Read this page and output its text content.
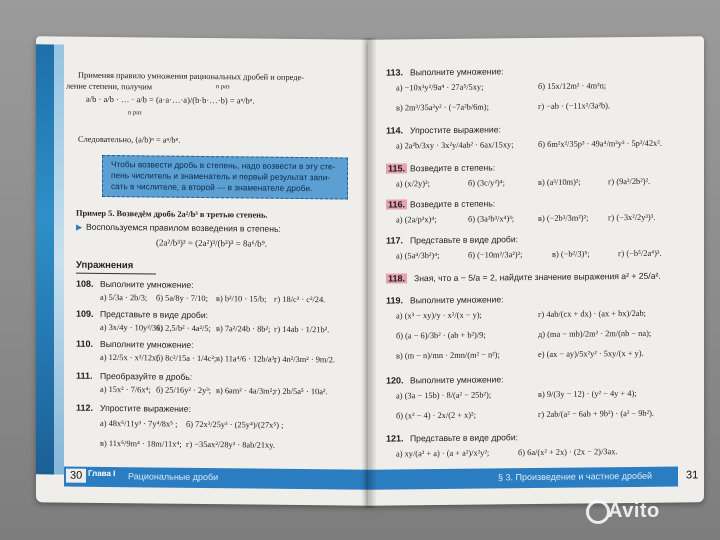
Применяя правило умножения рациональных дробей и опреде-
ление степени, получим	n раз
a/b · a/b · … · a/b = (a·a·…·a)/(b·b·…·b) = aⁿ/bⁿ.
n раз
Следовательно, (a/b)ⁿ = aⁿ/bⁿ.
Чтобы возвести дробь в степень, надо возвести в эту сте-
пень числитель и знаменатель и первый результат запи-
сать в числителе, а второй — в знаменателе дроби.
Пример 5. Возведём дробь 2a²/b³ в третью степень.
▶ Воспользуемся правилом возведения в степень:
(2a²/b³)³ = (2a²)³/(b³)³ = 8a⁶/b⁹.
Упражнения
108. Выполните умножение:
а) 5/3a · 2b/3; б) 5a/8y · 7/10; в) b²/10 · 15/b; г) 18/c³ · c²/24.
109. Представьте в виде дроби:
а) 3x/4y · 10y²/3x;
б) 2,5/b² · 4a²/5; в) 7a²/24b · 8b²; г) 14ab · 1/21b².
110. Выполните умножение:
а) 12/5x · x²/12x;
б) 8c²/15a · 1/4c²; в) 11a⁴/6 · 12b/a³;
г) 4n²/3m² · 9m/2.
111. Преобразуйте в дробь:
а) 15x² · 7/6x⁴; б) 25/16y² · 2y³; в) 6am² · 4a/3m²; г) 2b/5a⁵ · 10a².
112. Упростите выражение:
а) 48x⁵/11y³ · 7y⁴/8x⁵ ; б) 72x³/25y³ · (25y⁴)/(27x⁵) ;
в) 11x⁵/9m⁴ · 18m/11x⁴; г) −35ax²/28y³ · 8ab/21xy.
30 Глава I Рациональные дроби
113. Выполните умножение:
а) −10x³y²/9a⁴ · 27a⁵/5xy;	б) 15x/12m² · 4m²n;
в) 2m³/35a²y² · (−7a²b/6m);	г) −ab · (−11x²/3a²b).
114. Упростите выражение:
а) 2a²b/3xy · 3x²y/4ab² · 6ax/15xy;	б) 6m²x²/35p³ · 49a⁴/m²y³ · 5p³/42x².
115. Возведите в степень:
а) (x/2y)³;	б) (3c/y²)⁴;	в) (a³/10m)²;	г) (9a³/2b²)².
116. Возведите в степень:
а) (2a/p²x)⁴;	б) (3a²b³/x⁴)³;	в) (−2b³/3m²)²; г) (−3x²/2y³)³.
117. Представьте в виде дроби:
а) (5a⁴/3b²)⁴;	б) (−10m²/3a²)²;	в) (−b²/3)⁵;	г) (−b⁵/2a⁴)³.
118. Зная, что a − 5/a = 2, найдите значение выражения a² + 25/a².
119. Выполните умножение:
а) (x³ − xy)/y · x²/(x − y);
б) (a − 6)/3b² · (ab + b²)/9;
в) (m − n)/mn · 2mn/(m² − n²);
г) 4ab/(cx + dx) · (ax + bx)/2ab;
д) (ma − mb)/2m² · 2m/(nb − na);
е) (ax − ay)/5x²y² · 5xy/(x + y).
120. Выполните умножение:
а) (3a − 15b) · 8/(a² − 25b²);
б) (x² − 4) · 2x/(2 + x)²;
в) 9/(3y − 12) · (y² − 4y + 4);
г) 2ab/(a² − 6ab + 9b²) · (a² − 9b²).
121. Представьте в виде дроби:
а) xy/(a² + a) · (a + a²)/x²y²;	б) 6a/(x² + 2x) · (2x − 2)/3ax.
§ 3. Произведение и частное дробей	31
Avito
